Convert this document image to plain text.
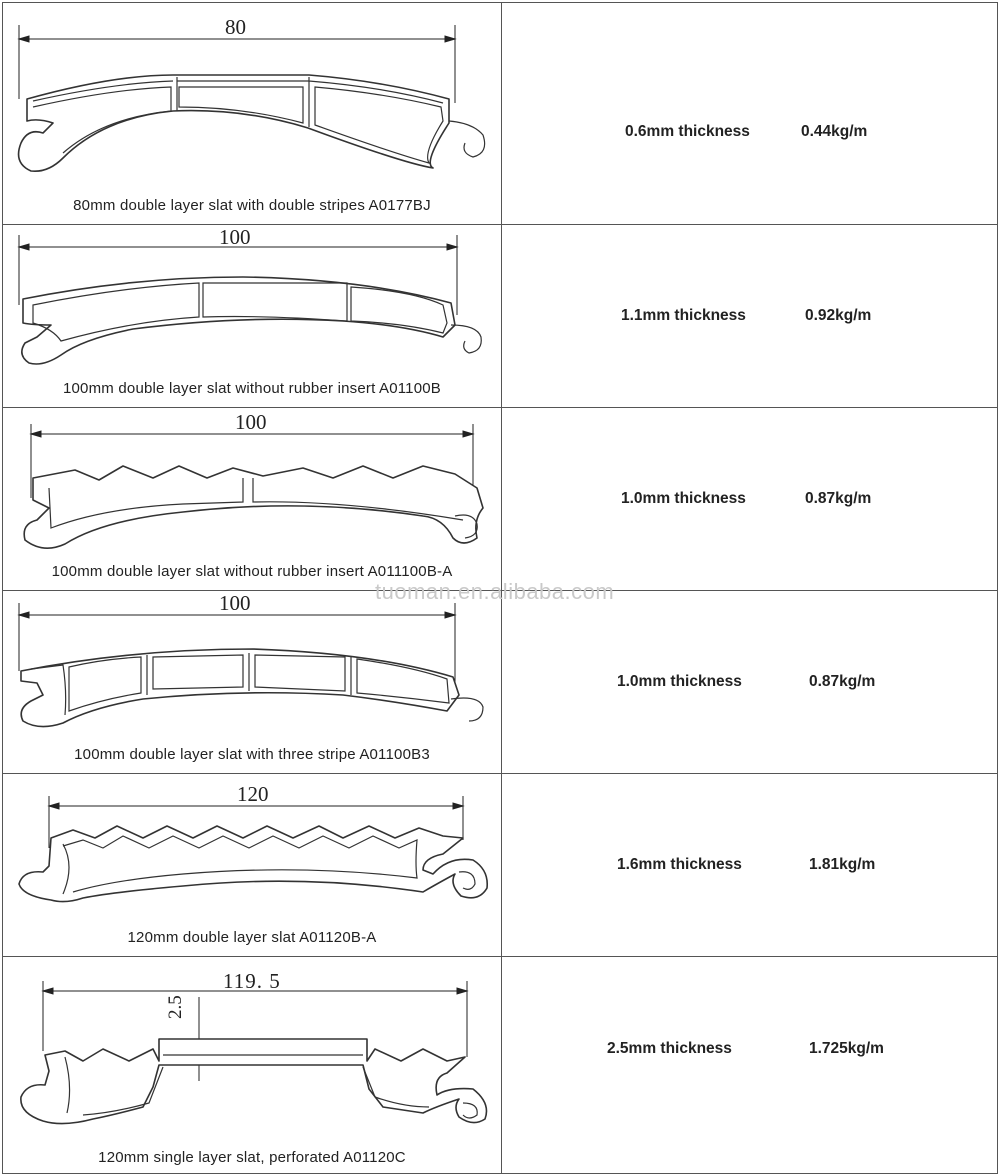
80
80mm double layer slat with double stripes A0177BJ
0.6mm thickness	0.44kg/m
100
100mm double layer slat without rubber insert A01100B
1.1mm thickness	0.92kg/m
100
100mm double layer slat without rubber insert A011100B-A
1.0mm thickness	0.87kg/m
100
100mm double layer slat with three stripe A01100B3
1.0mm thickness	0.87kg/m
120
120mm double layer slat A01120B-A
1.6mm thickness	1.81kg/m
119. 5
2.5
120mm single layer slat, perforated A01120C
2.5mm thickness	1.725kg/m
tuoman.en.alibaba.com
